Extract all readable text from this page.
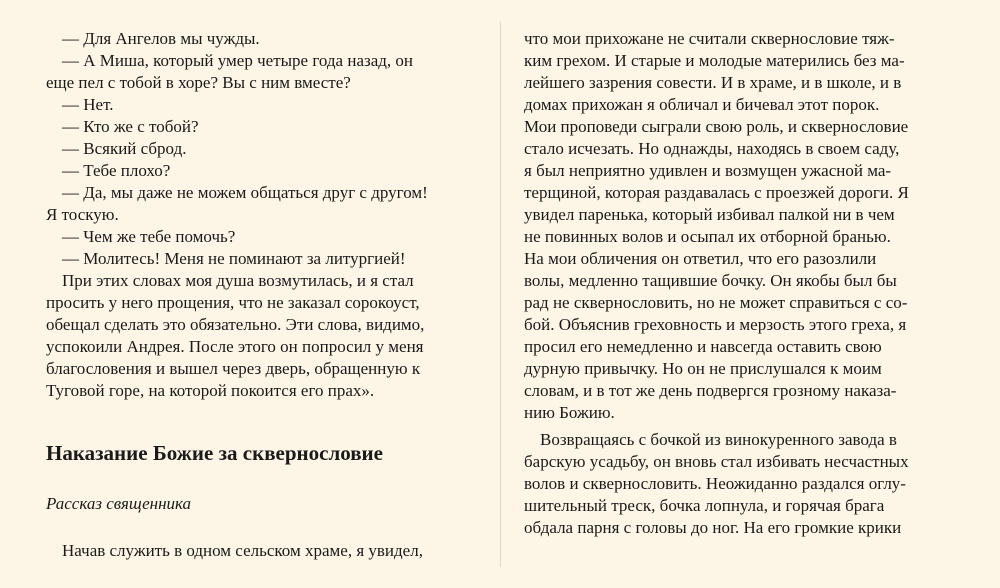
— Для Ангелов мы чужды.
— А Миша, который умер четыре года назад, он
еще пел с тобой в хоре? Вы с ним вместе?
— Нет.
— Кто же с тобой?
— Всякий сброд.
— Тебе плохо?
— Да, мы даже не можем общаться друг с другом!
Я тоскую.
— Чем же тебе помочь?
— Молитесь! Меня не поминают за литургией!
При этих словах моя душа возмутилась, и я стал
просить у него прощения, что не заказал сорокоуст,
обещал сделать это обязательно. Эти слова, видимо,
успокоили Андрея. После этого он попросил у меня
благословения и вышел через дверь, обращенную к
Туговой горе, на которой покоится его прах».
Наказание Божие за сквернословие
Рассказ священника
Начав служить в одном сельском храме, я увидел,
что мои прихожане не считали сквернословие тяж-
ким грехом. И старые и молодые матерились без ма-
лейшего зазрения совести. И в храме, и в школе, и в
домах прихожан я обличал и бичевал этот порок.
Мои проповеди сыграли свою роль, и сквернословие
стало исчезать. Но однажды, находясь в своем саду,
я был неприятно удивлен и возмущен ужасной ма-
терщиной, которая раздавалась с проезжей дороги. Я
увидел паренька, который избивал палкой ни в чем
не повинных волов и осыпал их отборной бранью.
На мои обличения он ответил, что его разозлили
волы, медленно тащившие бочку. Он якобы был бы
рад не сквернословить, но не может справиться с со-
бой. Объяснив греховность и мерзость этого греха, я
просил его немедленно и навсегда оставить свою
дурную привычку. Но он не прислушался к моим
словам, и в тот же день подвергся грозному наказа-
нию Божию.
Возвращаясь с бочкой из винокуренного завода в
барскую усадьбу, он вновь стал избивать несчастных
волов и сквернословить. Неожиданно раздался оглу-
шительный треск, бочка лопнула, и горячая брага
обдала парня с головы до ног. На его громкие крики
